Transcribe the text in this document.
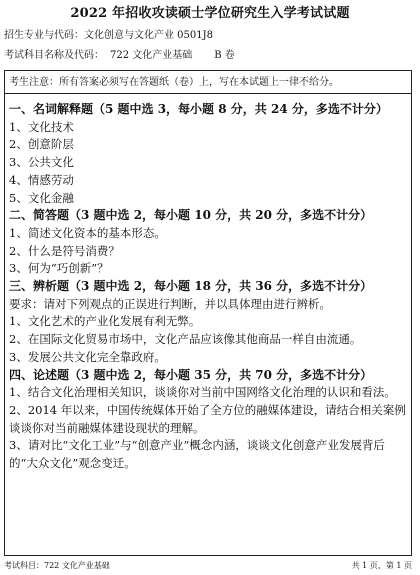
2022 年招收攻读硕士学位研究生入学考试试题
招生专业与代码：文化创意与文化产业 0501J8
考试科目名称及代码： 722 文化产业基础 B 卷
考生注意：所有答案必须写在答题纸（卷）上，写在本试题上一律不给分。
一、名词解释题（5 题中选 3，每小题 8 分，共 24 分，多选不计分）
1、文化技术
2、创意阶层
3、公共文化
4、情感劳动
5、文化金融
二、简答题（3 题中选 2，每小题 10 分，共 20 分，多选不计分）
1、简述文化资本的基本形态。
2、什么是符号消费？
3、何为“巧创新”？
三、辨析题（3 题中选 2，每小题 18 分，共 36 分，多选不计分）
要求：请对下列观点的正误进行判断，并以具体理由进行辨析。
1、文化艺术的产业化发展有利无弊。
2、在国际文化贸易市场中，文化产品应该像其他商品一样自由流通。
3、发展公共文化完全靠政府。
四、论述题（3 题中选 2，每小题 35 分，共 70 分，多选不计分）
1、结合文化治理相关知识，谈谈你对当前中国网络文化治理的认识和看法。
2、2014 年以来，中国传统媒体开始了全方位的融媒体建设，请结合相关案例谈谈你对当前融媒体建设现状的理解。
3、请对比“文化工业”与“创意产业”概念内涵，谈谈文化创意产业发展背后的“大众文化”观念变迁。
考试科目：722 文化产业基础	共 1 页，第 1 页
